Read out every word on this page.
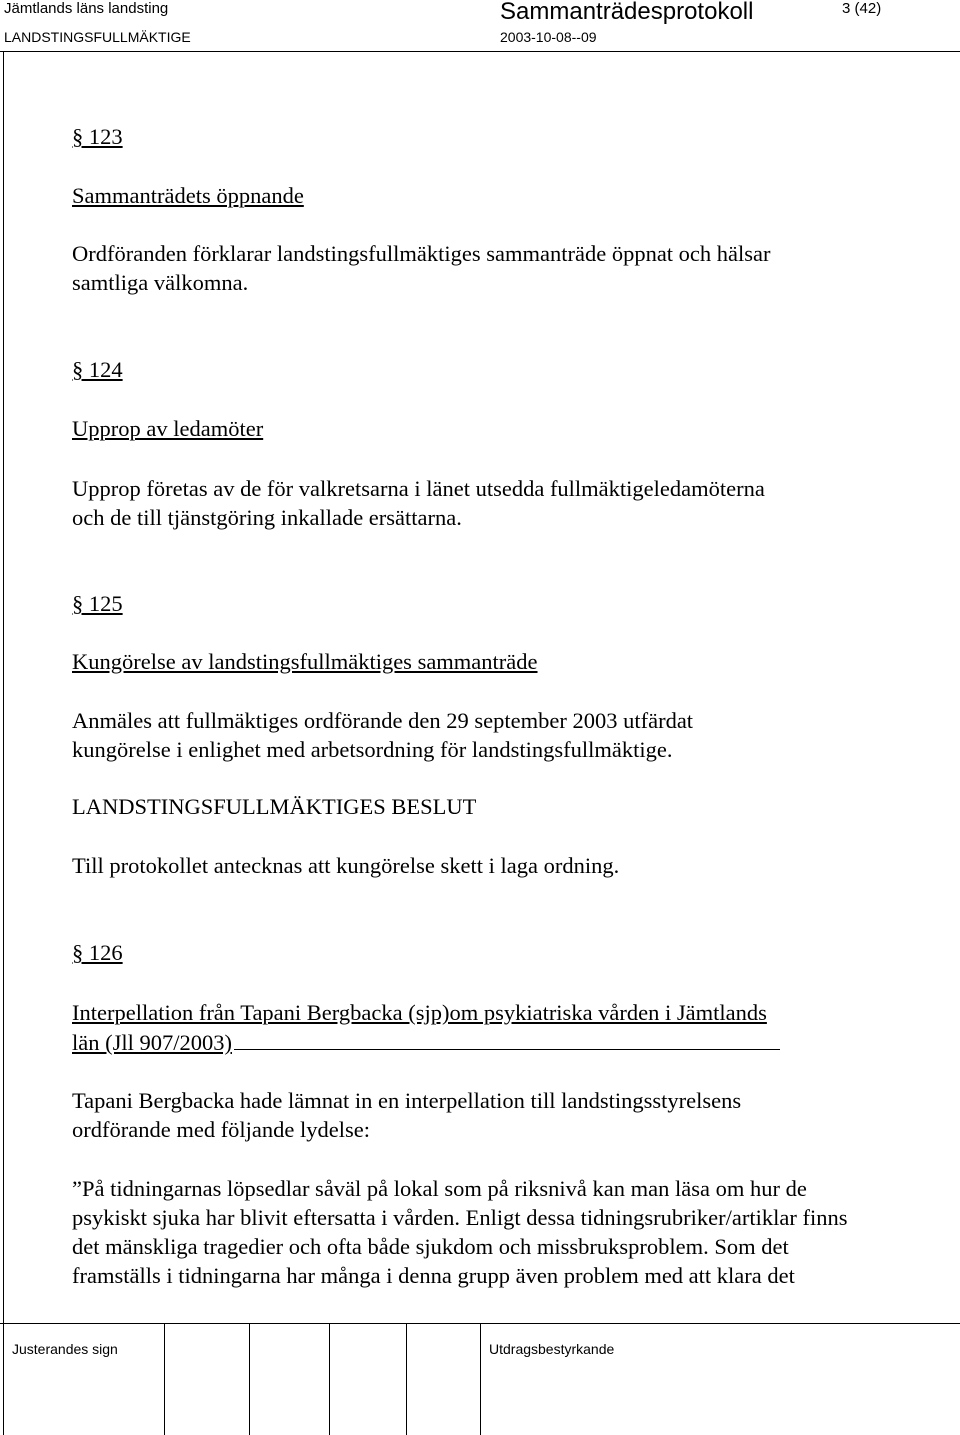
Jämtlands läns landsting
LANDSTINGSFULLMÄKTIGE
Sammanträdesprotokoll
2003-10-08--09
3 (42)
§ 123
Sammanträdets öppnande
Ordföranden förklarar landstingsfullmäktiges sammanträde öppnat och hälsar
samtliga välkomna.
§ 124
Upprop av ledamöter
Upprop företas av de för valkretsarna i länet utsedda fullmäktigeledamöterna
och de till tjänstgöring inkallade ersättarna.
§ 125
Kungörelse av landstingsfullmäktiges sammanträde
Anmäles att fullmäktiges ordförande den 29 september 2003 utfärdat
kungörelse i enlighet med arbetsordning för landstingsfullmäktige.
LANDSTINGSFULLMÄKTIGES BESLUT
Till protokollet antecknas att kungörelse skett i laga ordning.
§ 126
Interpellation från Tapani Bergbacka (sjp)om psykiatriska vården i Jämtlands
län (Jll 907/2003)
Tapani Bergbacka hade lämnat in en interpellation till landstingsstyrelsens
ordförande med följande lydelse:
”På tidningarnas löpsedlar såväl på lokal som på riksnivå kan man läsa om hur de
psykiskt sjuka har blivit eftersatta i vården. Enligt dessa tidningsrubriker/artiklar finns
det mänskliga tragedier och ofta både sjukdom och missbruksproblem. Som det
framställs i tidningarna har många i denna grupp även problem med att klara det
Justerandes sign	Utdragsbestyrkande
